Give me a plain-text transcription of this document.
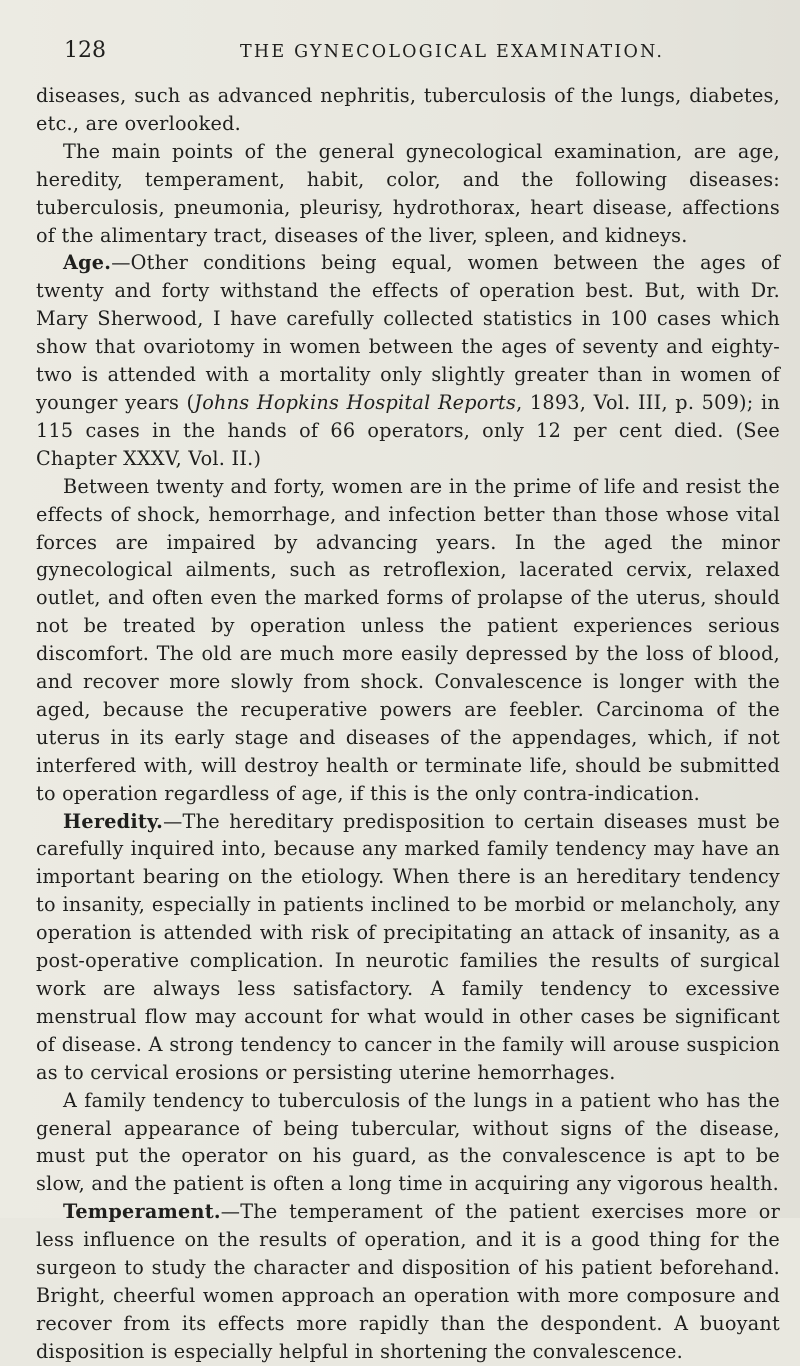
128	THE GYNECOLOGICAL EXAMINATION.

diseases, such as advanced nephritis, tuberculosis of the lungs, diabetes, etc., are overlooked.

The main points of the general gynecological examination, are age, heredity, temperament, habit, color, and the following diseases: tuberculosis, pneumonia, pleurisy, hydrothorax, heart disease, affections of the alimentary tract, diseases of the liver, spleen, and kidneys.

Age.—Other conditions being equal, women between the ages of twenty and forty withstand the effects of operation best. But, with Dr. Mary Sherwood, I have carefully collected statistics in 100 cases which show that ovariotomy in women between the ages of seventy and eighty-two is attended with a mortality only slightly greater than in women of younger years (Johns Hopkins Hospital Reports, 1893, Vol. III, p. 509); in 115 cases in the hands of 66 operators, only 12 per cent died. (See Chapter XXXV, Vol. II.)

Between twenty and forty, women are in the prime of life and resist the effects of shock, hemorrhage, and infection better than those whose vital forces are impaired by advancing years. In the aged the minor gynecological ailments, such as retroflexion, lacerated cervix, relaxed outlet, and often even the marked forms of prolapse of the uterus, should not be treated by operation unless the patient experiences serious discomfort. The old are much more easily depressed by the loss of blood, and recover more slowly from shock. Convalescence is longer with the aged, because the recuperative powers are feebler. Carcinoma of the uterus in its early stage and diseases of the appendages, which, if not interfered with, will destroy health or terminate life, should be submitted to operation regardless of age, if this is the only contra-indication.

Heredity.—The hereditary predisposition to certain diseases must be carefully inquired into, because any marked family tendency may have an important bearing on the etiology. When there is an hereditary tendency to insanity, especially in patients inclined to be morbid or melancholy, any operation is attended with risk of precipitating an attack of insanity, as a post-operative complication. In neurotic families the results of surgical work are always less satisfactory. A family tendency to excessive menstrual flow may account for what would in other cases be significant of disease. A strong tendency to cancer in the family will arouse suspicion as to cervical erosions or persisting uterine hemorrhages.

A family tendency to tuberculosis of the lungs in a patient who has the general appearance of being tubercular, without signs of the disease, must put the operator on his guard, as the convalescence is apt to be slow, and the patient is often a long time in acquiring any vigorous health.

Temperament.—The temperament of the patient exercises more or less influence on the results of operation, and it is a good thing for the surgeon to study the character and disposition of his patient beforehand. Bright, cheerful women approach an operation with more composure and recover from its effects more rapidly than the despondent. A buoyant disposition is especially helpful in shortening the convalescence.
